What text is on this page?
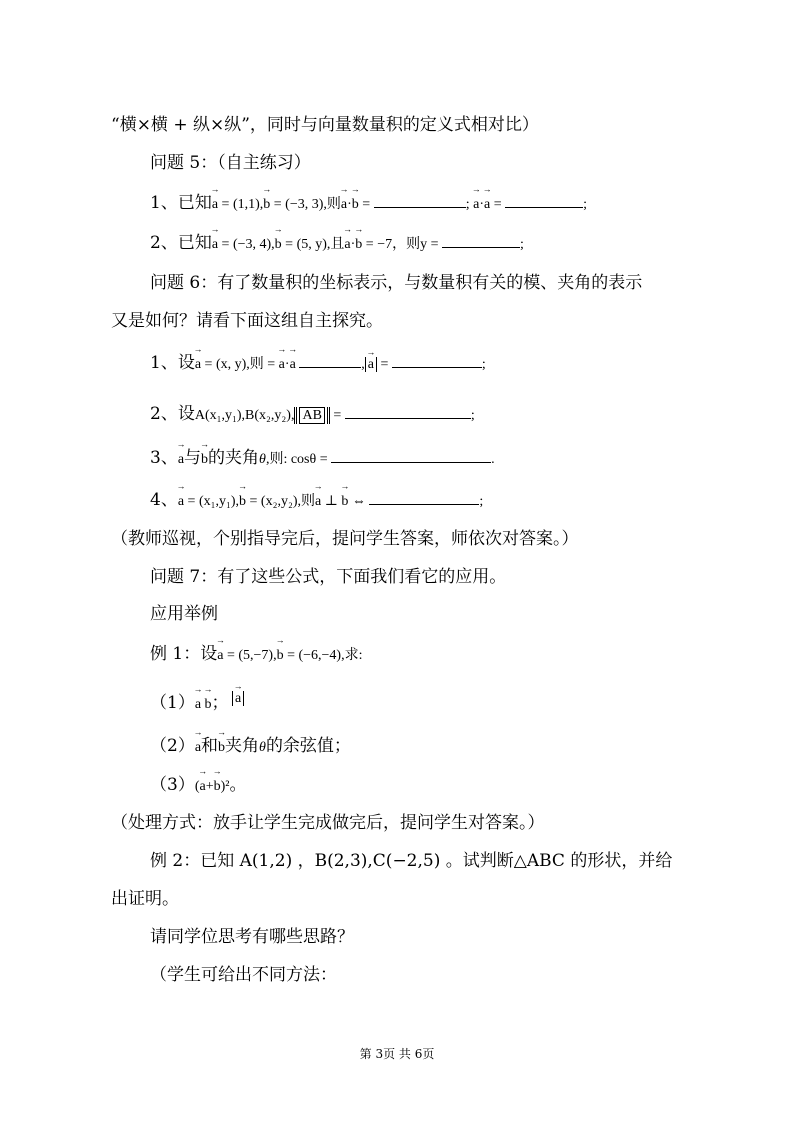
“横×横 + 纵×纵”，同时与向量数量积的定义式相对比）
问题 5：（自主练习）
1、已知→ a = (1,1),→ b = (−3, 3),则→ a·→ b =	; → a·→ a =	;
2、已知→ a = (−3, 4),→ b = (5, y),且→ a·→ b = −7，则y =	;
问题 6：有了数量积的坐标表示，与数量积有关的模、夹角的表示
又是如何？请看下面这组自主探究。
1、设→ a = (x, y),则 = → a·→ a	, → a =	;
2、设A(x₁,y₁),B(x₂,y₂), AB =	;
3、→ a与→ b的夹角θ,则: cosθ =	.
4、→ a = (x₁,y₁),→ b = (x₂,y₂),则→ a ⊥ → b ⇔	;
（教师巡视，个别指导完后，提问学生答案，师依次对答案。）
问题 7：有了这些公式，下面我们看它的应用。
应用举例
例 1：设→ a = (5,−7),→ b = (−6,−4),求:
（1）→ a → b； → a
（2）→ a和→ b夹角θ的余弦值；
（3）(→ a+→ b)²。
（处理方式：放手让学生完成做完后，提问学生对答案。）
例 2：已知 A(1,2) ，B(2,3),C(−2,5) 。试判断△ABC 的形状，并给
出证明。
请同学位思考有哪些思路？
（学生可给出不同方法：
第 3页 共 6页
